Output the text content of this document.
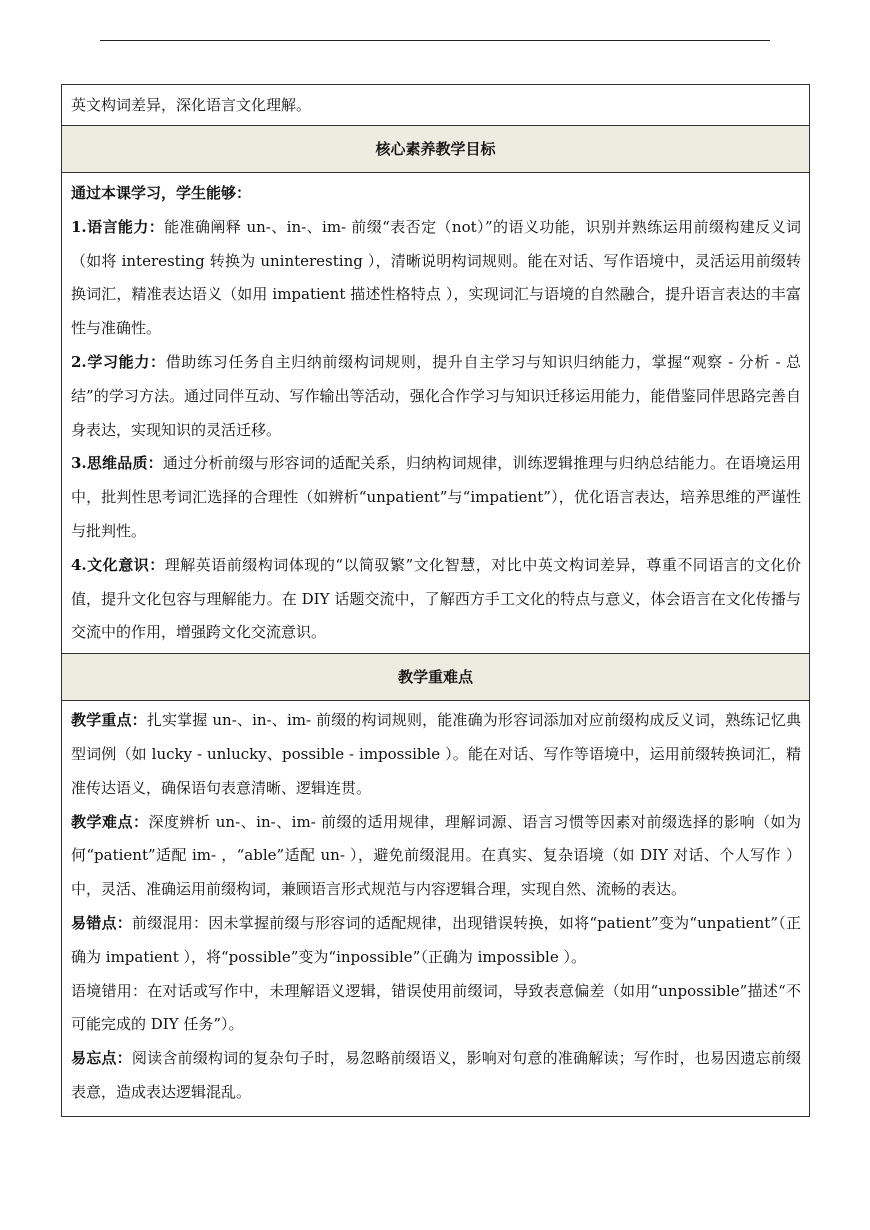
英文构词差异，深化语言文化理解。
核心素养教学目标

通过本课学习，学生能够：

1.语言能力：能准确阐释 un-、in-、im- 前缀“表否定（not）”的语义功能，识别并熟练运用前缀构建反义词（如将 interesting 转换为 uninteresting ），清晰说明构词规则。能在对话、写作语境中，灵活运用前缀转换词汇，精准表达语义（如用 impatient 描述性格特点 ），实现词汇与语境的自然融合，提升语言表达的丰富性与准确性。

2.学习能力：借助练习任务自主归纳前缀构词规则，提升自主学习与知识归纳能力，掌握“观察 - 分析 - 总结”的学习方法。通过同伴互动、写作输出等活动，强化合作学习与知识迁移运用能力，能借鉴同伴思路完善自身表达，实现知识的灵活迁移。

3.思维品质：通过分析前缀与形容词的适配关系，归纳构词规律，训练逻辑推理与归纳总结能力。在语境运用中，批判性思考词汇选择的合理性（如辨析“unpatient”与“impatient”），优化语言表达，培养思维的严谨性与批判性。

4.文化意识：理解英语前缀构词体现的“以简驭繁”文化智慧，对比中英文构词差异，尊重不同语言的文化价值，提升文化包容与理解能力。在 DIY 话题交流中，了解西方手工文化的特点与意义，体会语言在文化传播与交流中的作用，增强跨文化交流意识。

教学重难点

教学重点：扎实掌握 un-、in-、im- 前缀的构词规则，能准确为形容词添加对应前缀构成反义词，熟练记忆典型词例（如 lucky - unlucky、possible - impossible ）。能在对话、写作等语境中，运用前缀转换词汇，精准传达语义，确保语句表意清晰、逻辑连贯。

教学难点：深度辨析 un-、in-、im- 前缀的适用规律，理解词源、语言习惯等因素对前缀选择的影响（如为何“patient”适配 im- ，“able”适配 un- ），避免前缀混用。在真实、复杂语境（如 DIY 对话、个人写作 ）中，灵活、准确运用前缀构词，兼顾语言形式规范与内容逻辑合理，实现自然、流畅的表达。

易错点：前缀混用：因未掌握前缀与形容词的适配规律，出现错误转换，如将“patient”变为“unpatient”（正确为 impatient ），将“possible”变为“inpossible”（正确为 impossible ）。

语境错用：在对话或写作中，未理解语义逻辑，错误使用前缀词，导致表意偏差（如用“unpossible”描述“不可能完成的 DIY 任务”）。

易忘点：阅读含前缀构词的复杂句子时，易忽略前缀语义，影响对句意的准确解读；写作时，也易因遗忘前缀表意，造成表达逻辑混乱。
